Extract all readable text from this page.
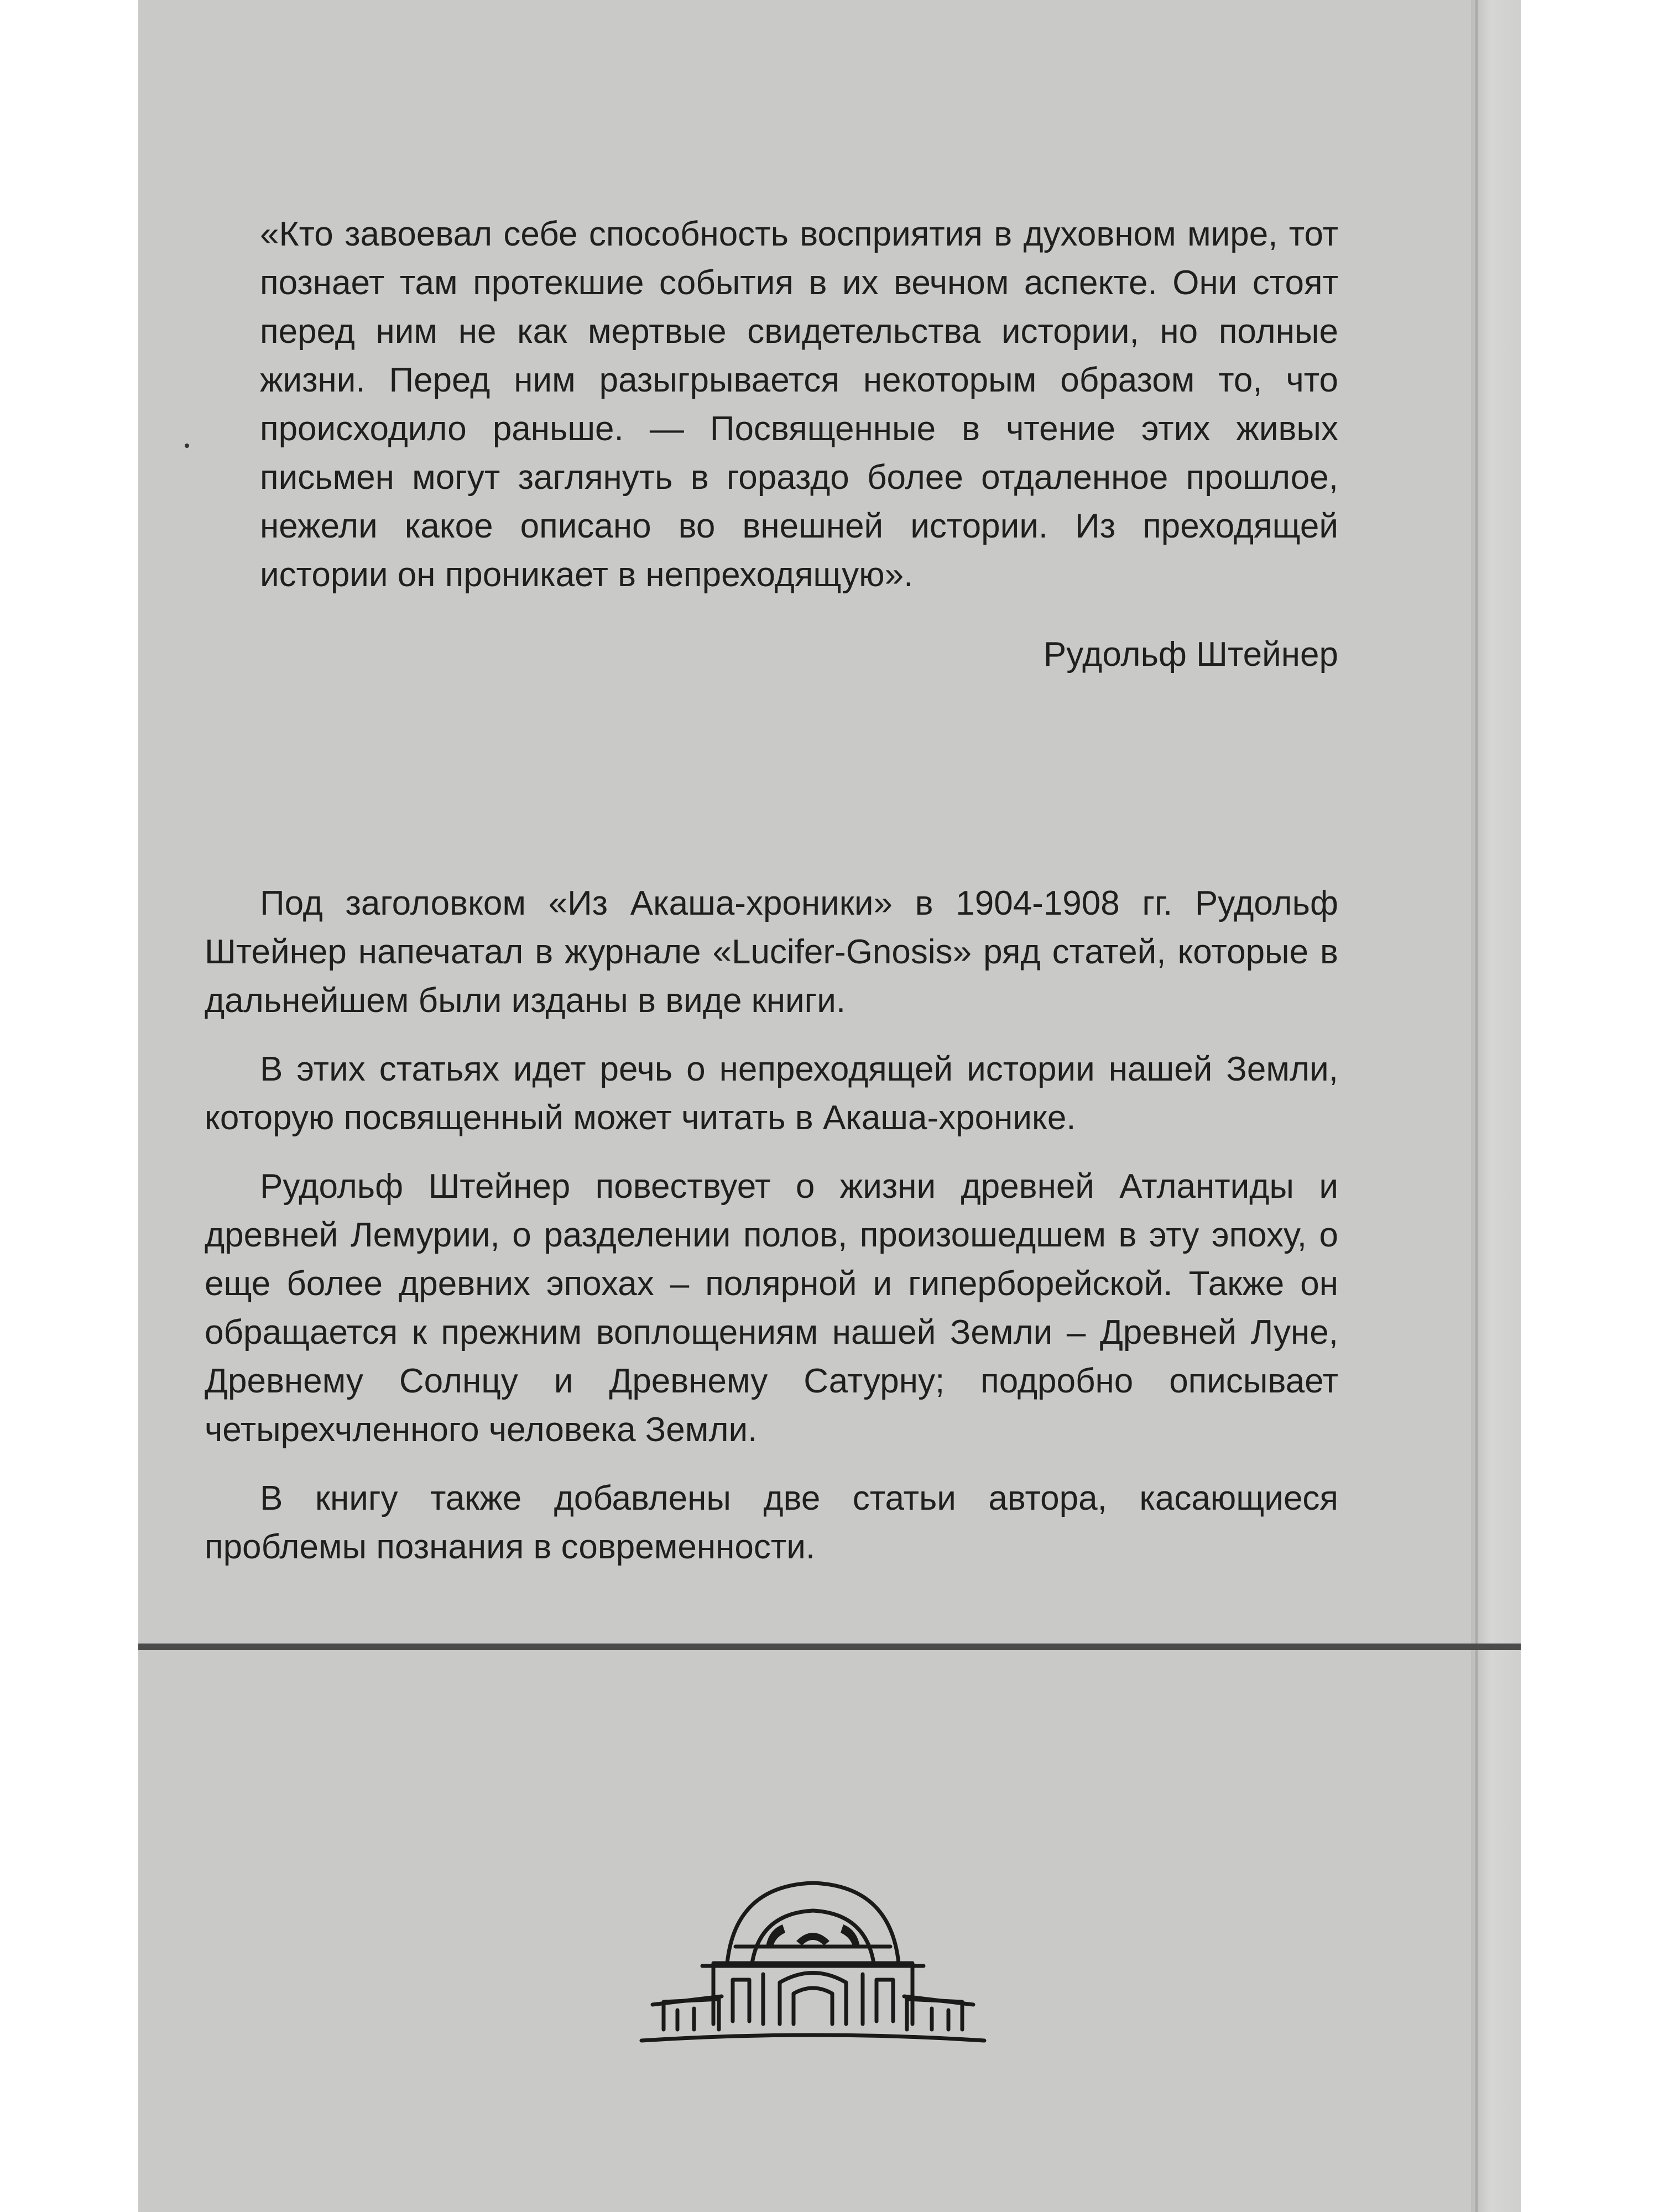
«Кто завоевал себе способность восприятия в духовном мире, тот познает там протекшие события в их вечном аспекте. Они стоят перед ним не как мертвые свидетельства истории, но полные жизни. Перед ним разыгрывается некоторым образом то, что происходило раньше. — Посвященные в чтение этих живых письмен могут заглянуть в гораздо более отдаленное прошлое, нежели какое описано во внешней истории. Из преходящей истории он проникает в непреходящую».

Рудольф Штейнер

Под заголовком «Из Акаша-хроники» в 1904-1908 гг. Рудольф Штейнер напечатал в журнале «Lucifer-Gnosis» ряд статей, которые в дальнейшем были изданы в виде книги.

В этих статьях идет речь о непреходящей истории нашей Земли, которую посвященный может читать в Акаша-хронике.

Рудольф Штейнер повествует о жизни древней Атлантиды и древней Лемурии, о разделении полов, произошедшем в эту эпоху, о еще более древних эпохах – полярной и гиперборейской. Также он обращается к прежним воплощениям нашей Земли – Древней Луне, Древнему Солнцу и Древнему Сатурну; подробно описывает четырехчленного человека Земли.

В книгу также добавлены две статьи автора, касающиеся проблемы познания в современности.
